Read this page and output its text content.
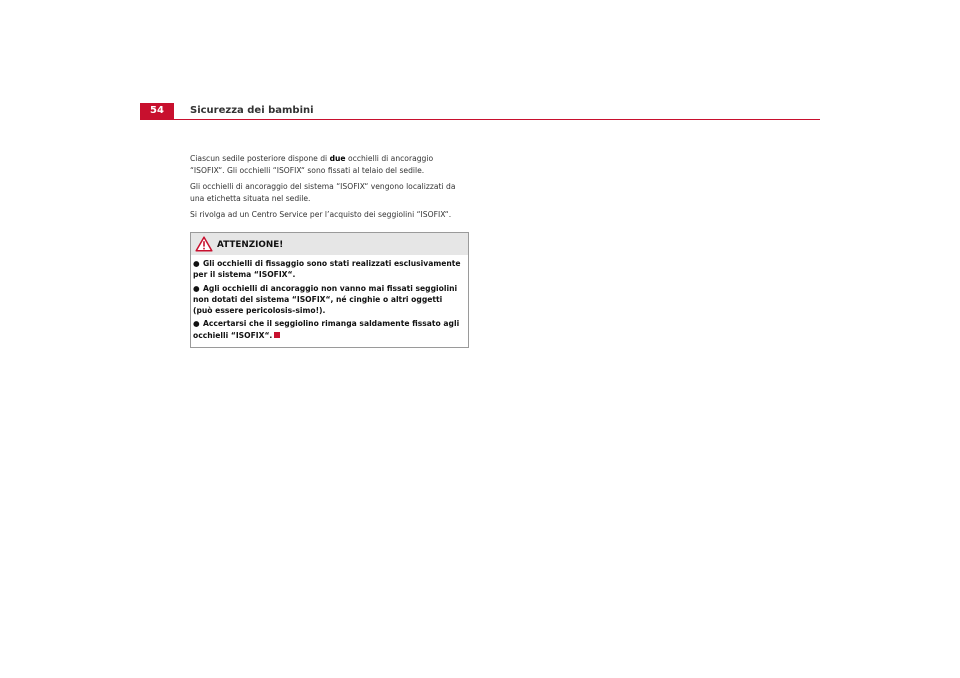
54	Sicurezza dei bambini

Ciascun sedile posteriore dispone di due occhielli di ancoraggio “ISOFIX“. Gli occhielli “ISOFIX“ sono fissati al telaio del sedile.

Gli occhielli di ancoraggio del sistema “ISOFIX“ vengono localizzati da una etichetta situata nel sedile.

Si rivolga ad un Centro Service per l’acquisto dei seggiolini “ISOFIX“.

ATTENZIONE!
● Gli occhielli di fissaggio sono stati realizzati esclusivamente per il sistema “ISOFIX“.
● Agli occhielli di ancoraggio non vanno mai fissati seggiolini non dotati del sistema “ISOFIX“, né cinghie o altri oggetti (può essere pericolosis-simo!).
● Accertarsi che il seggiolino rimanga saldamente fissato agli occhielli “ISOFIX“.
